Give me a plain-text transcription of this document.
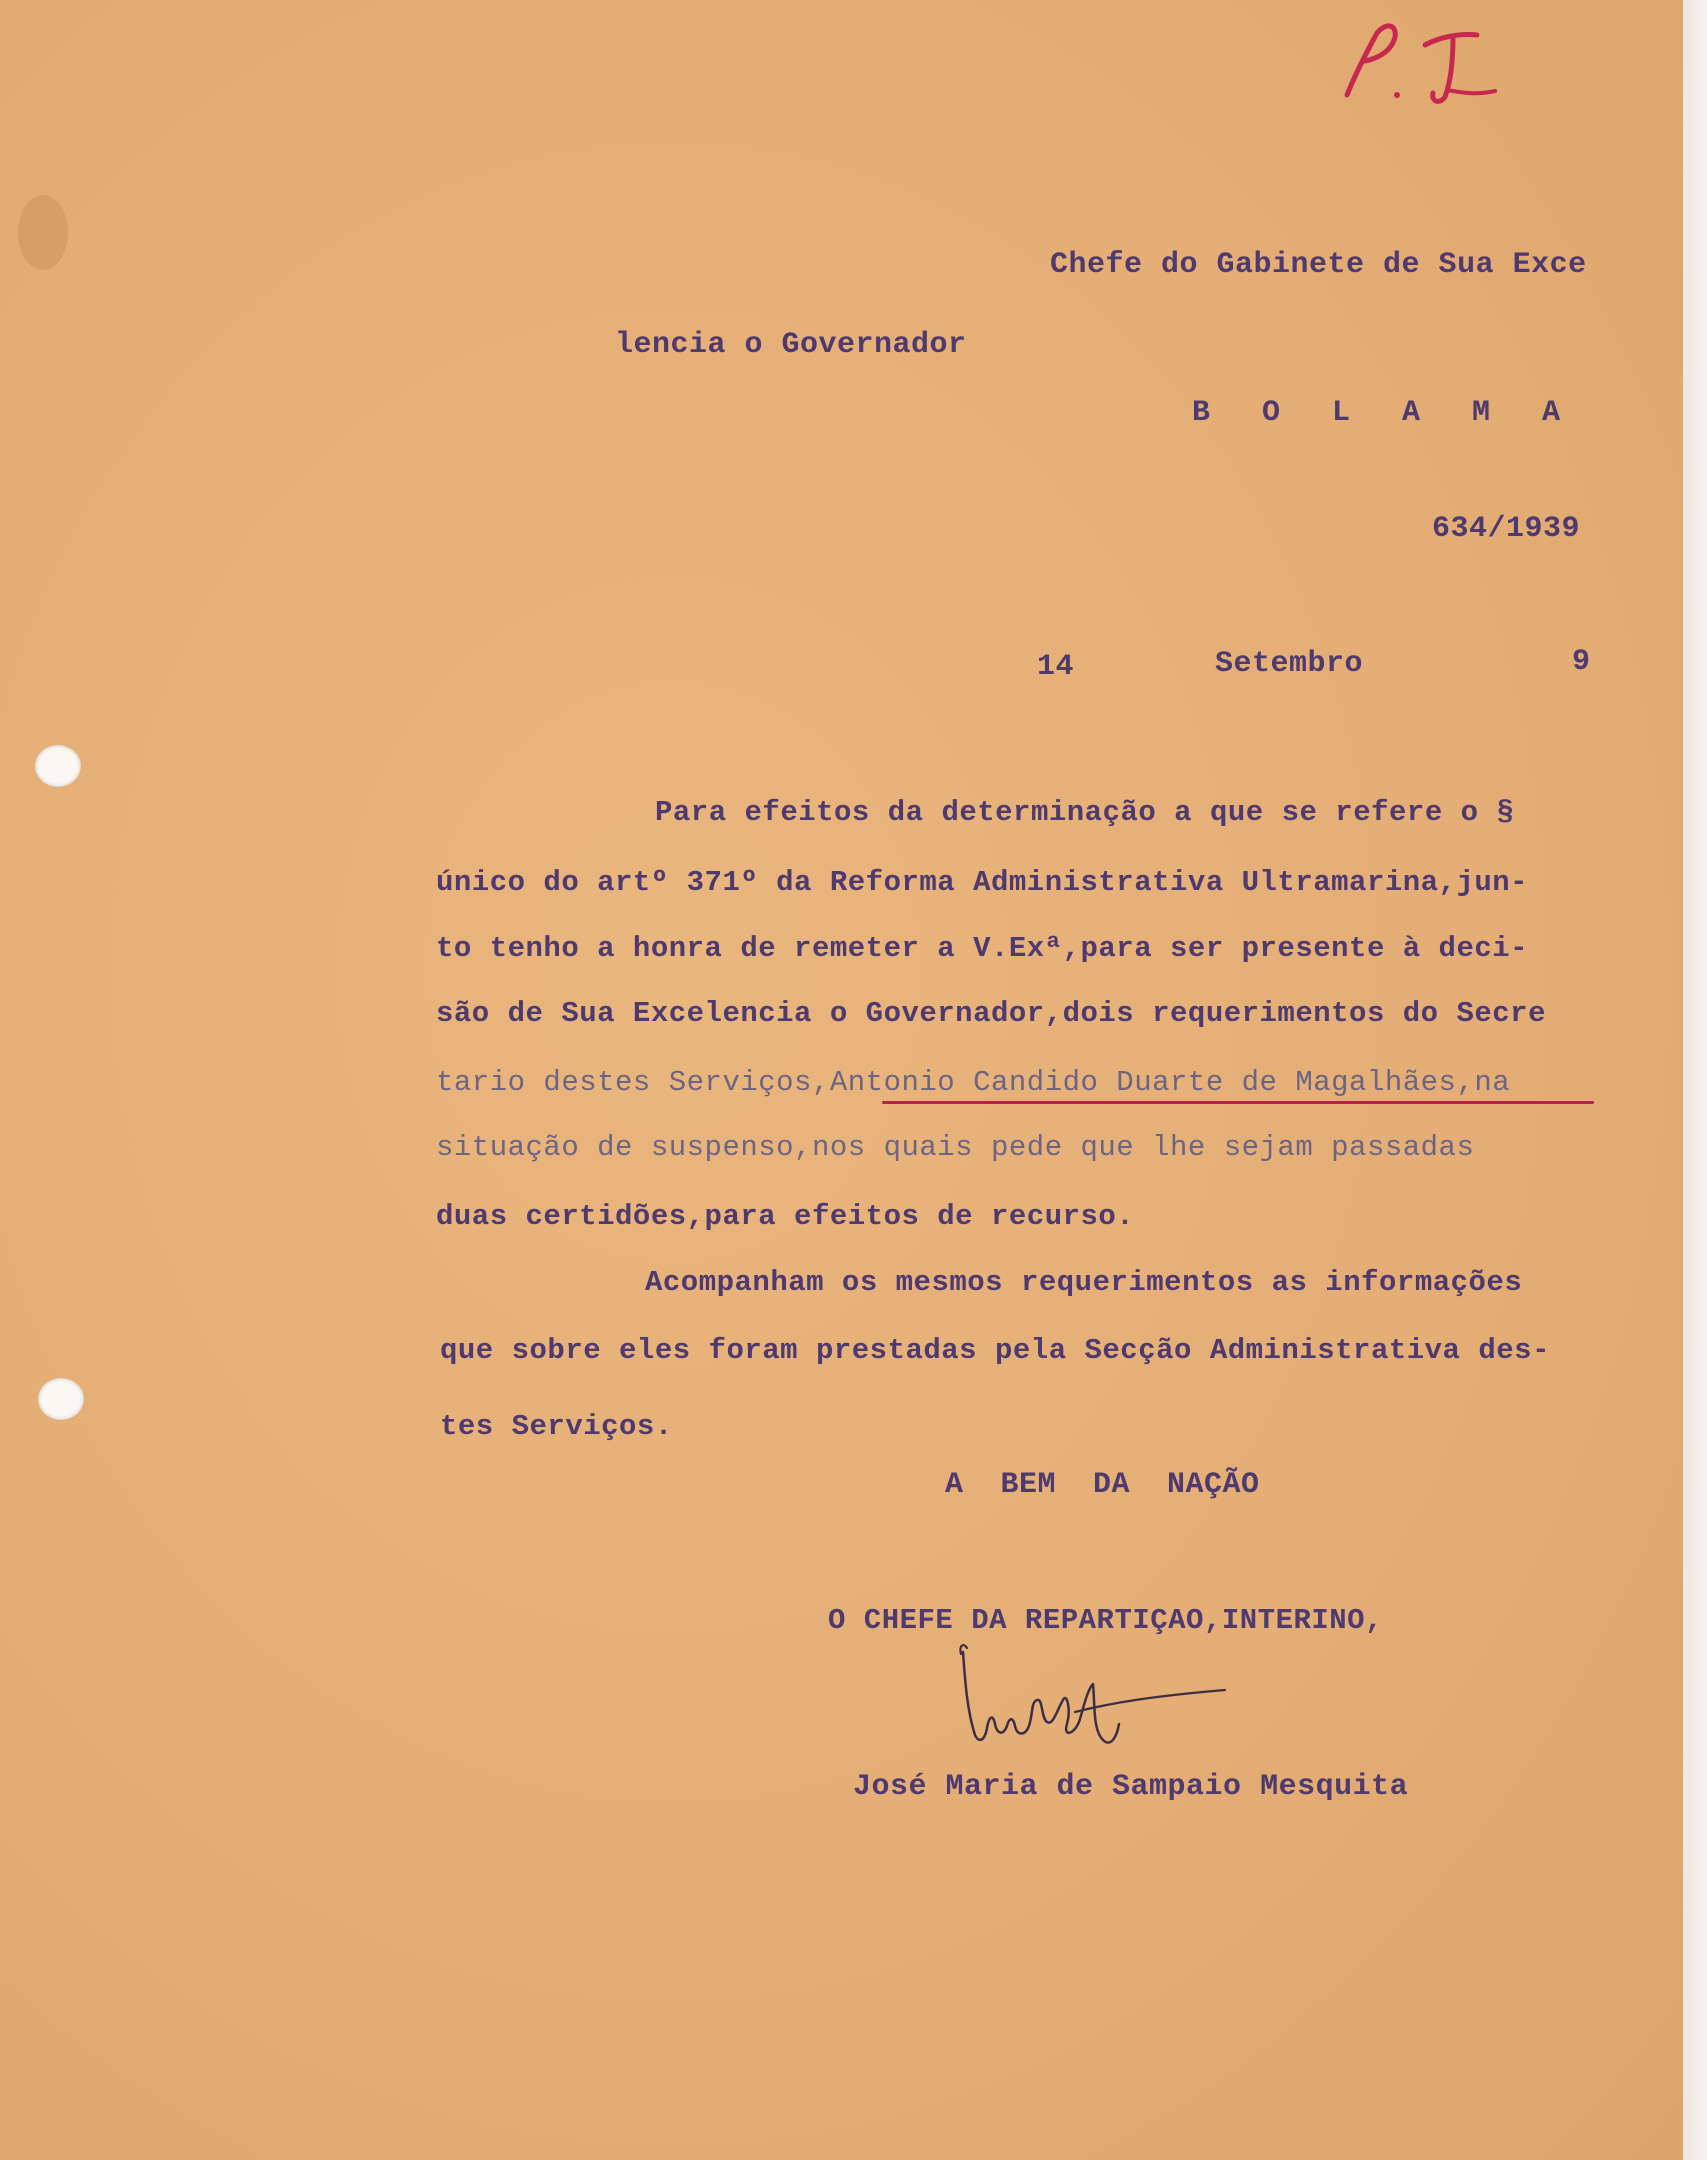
Chefe do Gabinete de Sua Exce
lencia o Governador
BOLAMA
634/1939
14	Setembro	9
Para efeitos da determinação a que se refere o §
único do artº 371º da Reforma Administrativa Ultramarina,jun-
to tenho a honra de remeter a V.Exª,para ser presente à deci-
são de Sua Excelencia o Governador,dois requerimentos do Secre
tario destes Serviços,Antonio Candido Duarte de Magalhães,na
situação de suspenso,nos quais pede que lhe sejam passadas
duas certidões,para efeitos de recurso.
Acompanham os mesmos requerimentos as informações
que sobre eles foram prestadas pela Secção Administrativa des-
tes Serviços.
A  BEM  DA  NAÇÃO
O CHEFE DA REPARTIÇAO,INTERINO,
José Maria de Sampaio Mesquita
